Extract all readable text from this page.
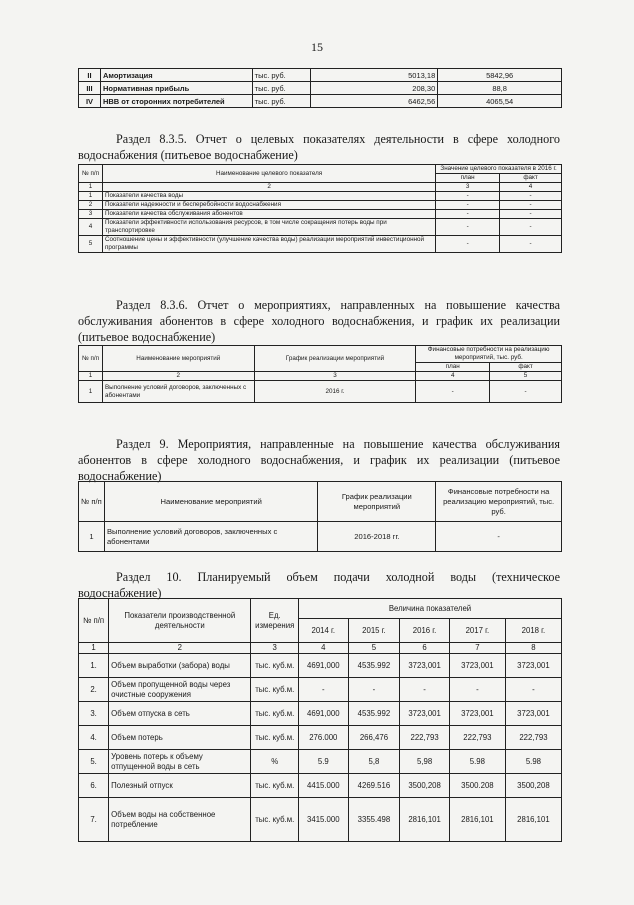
15
II	Амортизация	тыс. руб.	5013,18	5842,96
III	Нормативная прибыль	тыс. руб.	208,30	88,8
IV	НВВ от сторонних потребителей	тыс. руб.	6462,56	4065,54
Раздел 8.3.5. Отчет о целевых показателях деятельности в сфере холодного водоснабжения (питьевое водоснабжение)
№ п/п	Наименование целевого показателя	Значение целевого показателя в 2016 г.	
		план	факт
1	2	3	4
1	Показатели качества воды	-	-
2	Показатели надежности и бесперебойности водоснабжения	-	-
3	Показатели качества обслуживания абонентов	-	-
4	Показатели эффективности использования ресурсов, в том числе сокращения потерь воды при транспортировке	-	-
5	Соотношение цены и эффективности (улучшение качества воды) реализации мероприятий инвестиционной программы	-	-
Раздел 8.3.6. Отчет о мероприятиях, направленных на повышение качества обслуживания абонентов в сфере холодного водоснабжения, и график их реализации (питьевое водоснабжение)
№ п/п	Наименование мероприятий	График реализации мероприятий	Финансовые потребности на реализацию мероприятий, тыс. руб.	
			план	факт
1	2	3	4	5
1	Выполнение условий договоров, заключенных с абонентами	2016 г.	-	-
Раздел 9. Мероприятия, направленные на повышение качества обслуживания абонентов в сфере холодного водоснабжения, и график их реализации (питьевое водоснабжение)
№ п/п	Наименование мероприятий	График реализации мероприятий	Финансовые потребности на реализацию мероприятий, тыс. руб.
1	Выполнение условий договоров, заключенных с абонентами	2016-2018 гг.	-
Раздел 10. Планируемый объем подачи холодной воды (техническое водоснабжение)
№ п/п	Показатели производственной деятельности	Ед. измерения	Величина показателей				
			2014 г.	2015 г.	2016 г.	2017 г.	2018 г.
1	2	3	4	5	6	7	8
1.	Объем выработки (забора) воды	тыс. куб.м.	4691,000	4535.992	3723,001	3723,001	3723,001
2.	Объем пропущенной воды через очистные сооружения	тыс. куб.м.	-	-	-	-	-
3.	Объем отпуска в сеть	тыс. куб.м.	4691,000	4535.992	3723,001	3723,001	3723,001
4.	Объем потерь	тыс. куб.м.	276.000	266,476	222,793	222,793	222,793
5.	Уровень потерь к объему отпущенной воды в сеть	%	5.9	5,8	5,98	5.98	5.98
6.	Полезный отпуск	тыс. куб.м.	4415.000	4269.516	3500,208	3500.208	3500,208
7.	Объем воды на собственное потребление	тыс. куб.м.	3415.000	3355.498	2816,101	2816,101	2816,101
